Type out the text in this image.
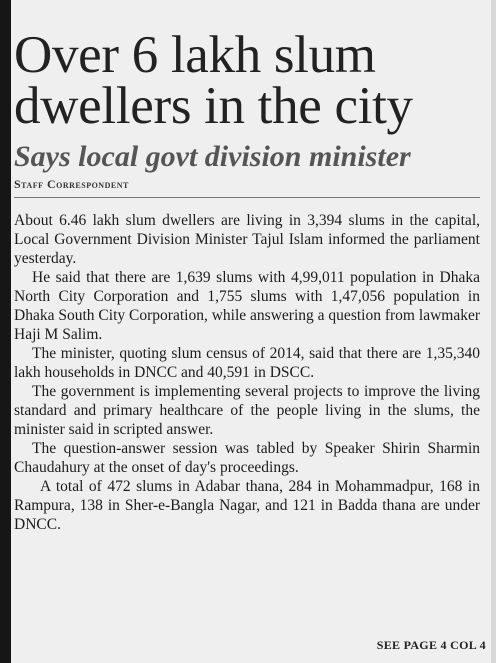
Over 6 lakh slum
dwellers in the city
Says local govt division minister
Staff Correspondent

About 6.46 lakh slum dwellers are living in 3,394 slums in the capital, Local Government Division Minister Tajul Islam informed the parliament yesterday.

He said that there are 1,639 slums with 4,99,011 population in Dhaka North City Corporation and 1,755 slums with 1,47,056 population in Dhaka South City Corporation, while answering a question from lawmaker Haji M Salim.

The minister, quoting slum census of 2014, said that there are 1,35,340 lakh households in DNCC and 40,591 in DSCC.

The government is implementing several projects to improve the living standard and primary healthcare of the people living in the slums, the minister said in scripted answer.

The question-answer session was tabled by Speaker Shirin Sharmin Chaudahury at the onset of day's proceedings.

A total of 472 slums in Adabar thana, 284 in Mohammadpur, 168 in Rampura, 138 in Sher-e-Bangla Nagar, and 121 in Badda thana are under DNCC.

SEE PAGE 4 COL 4
